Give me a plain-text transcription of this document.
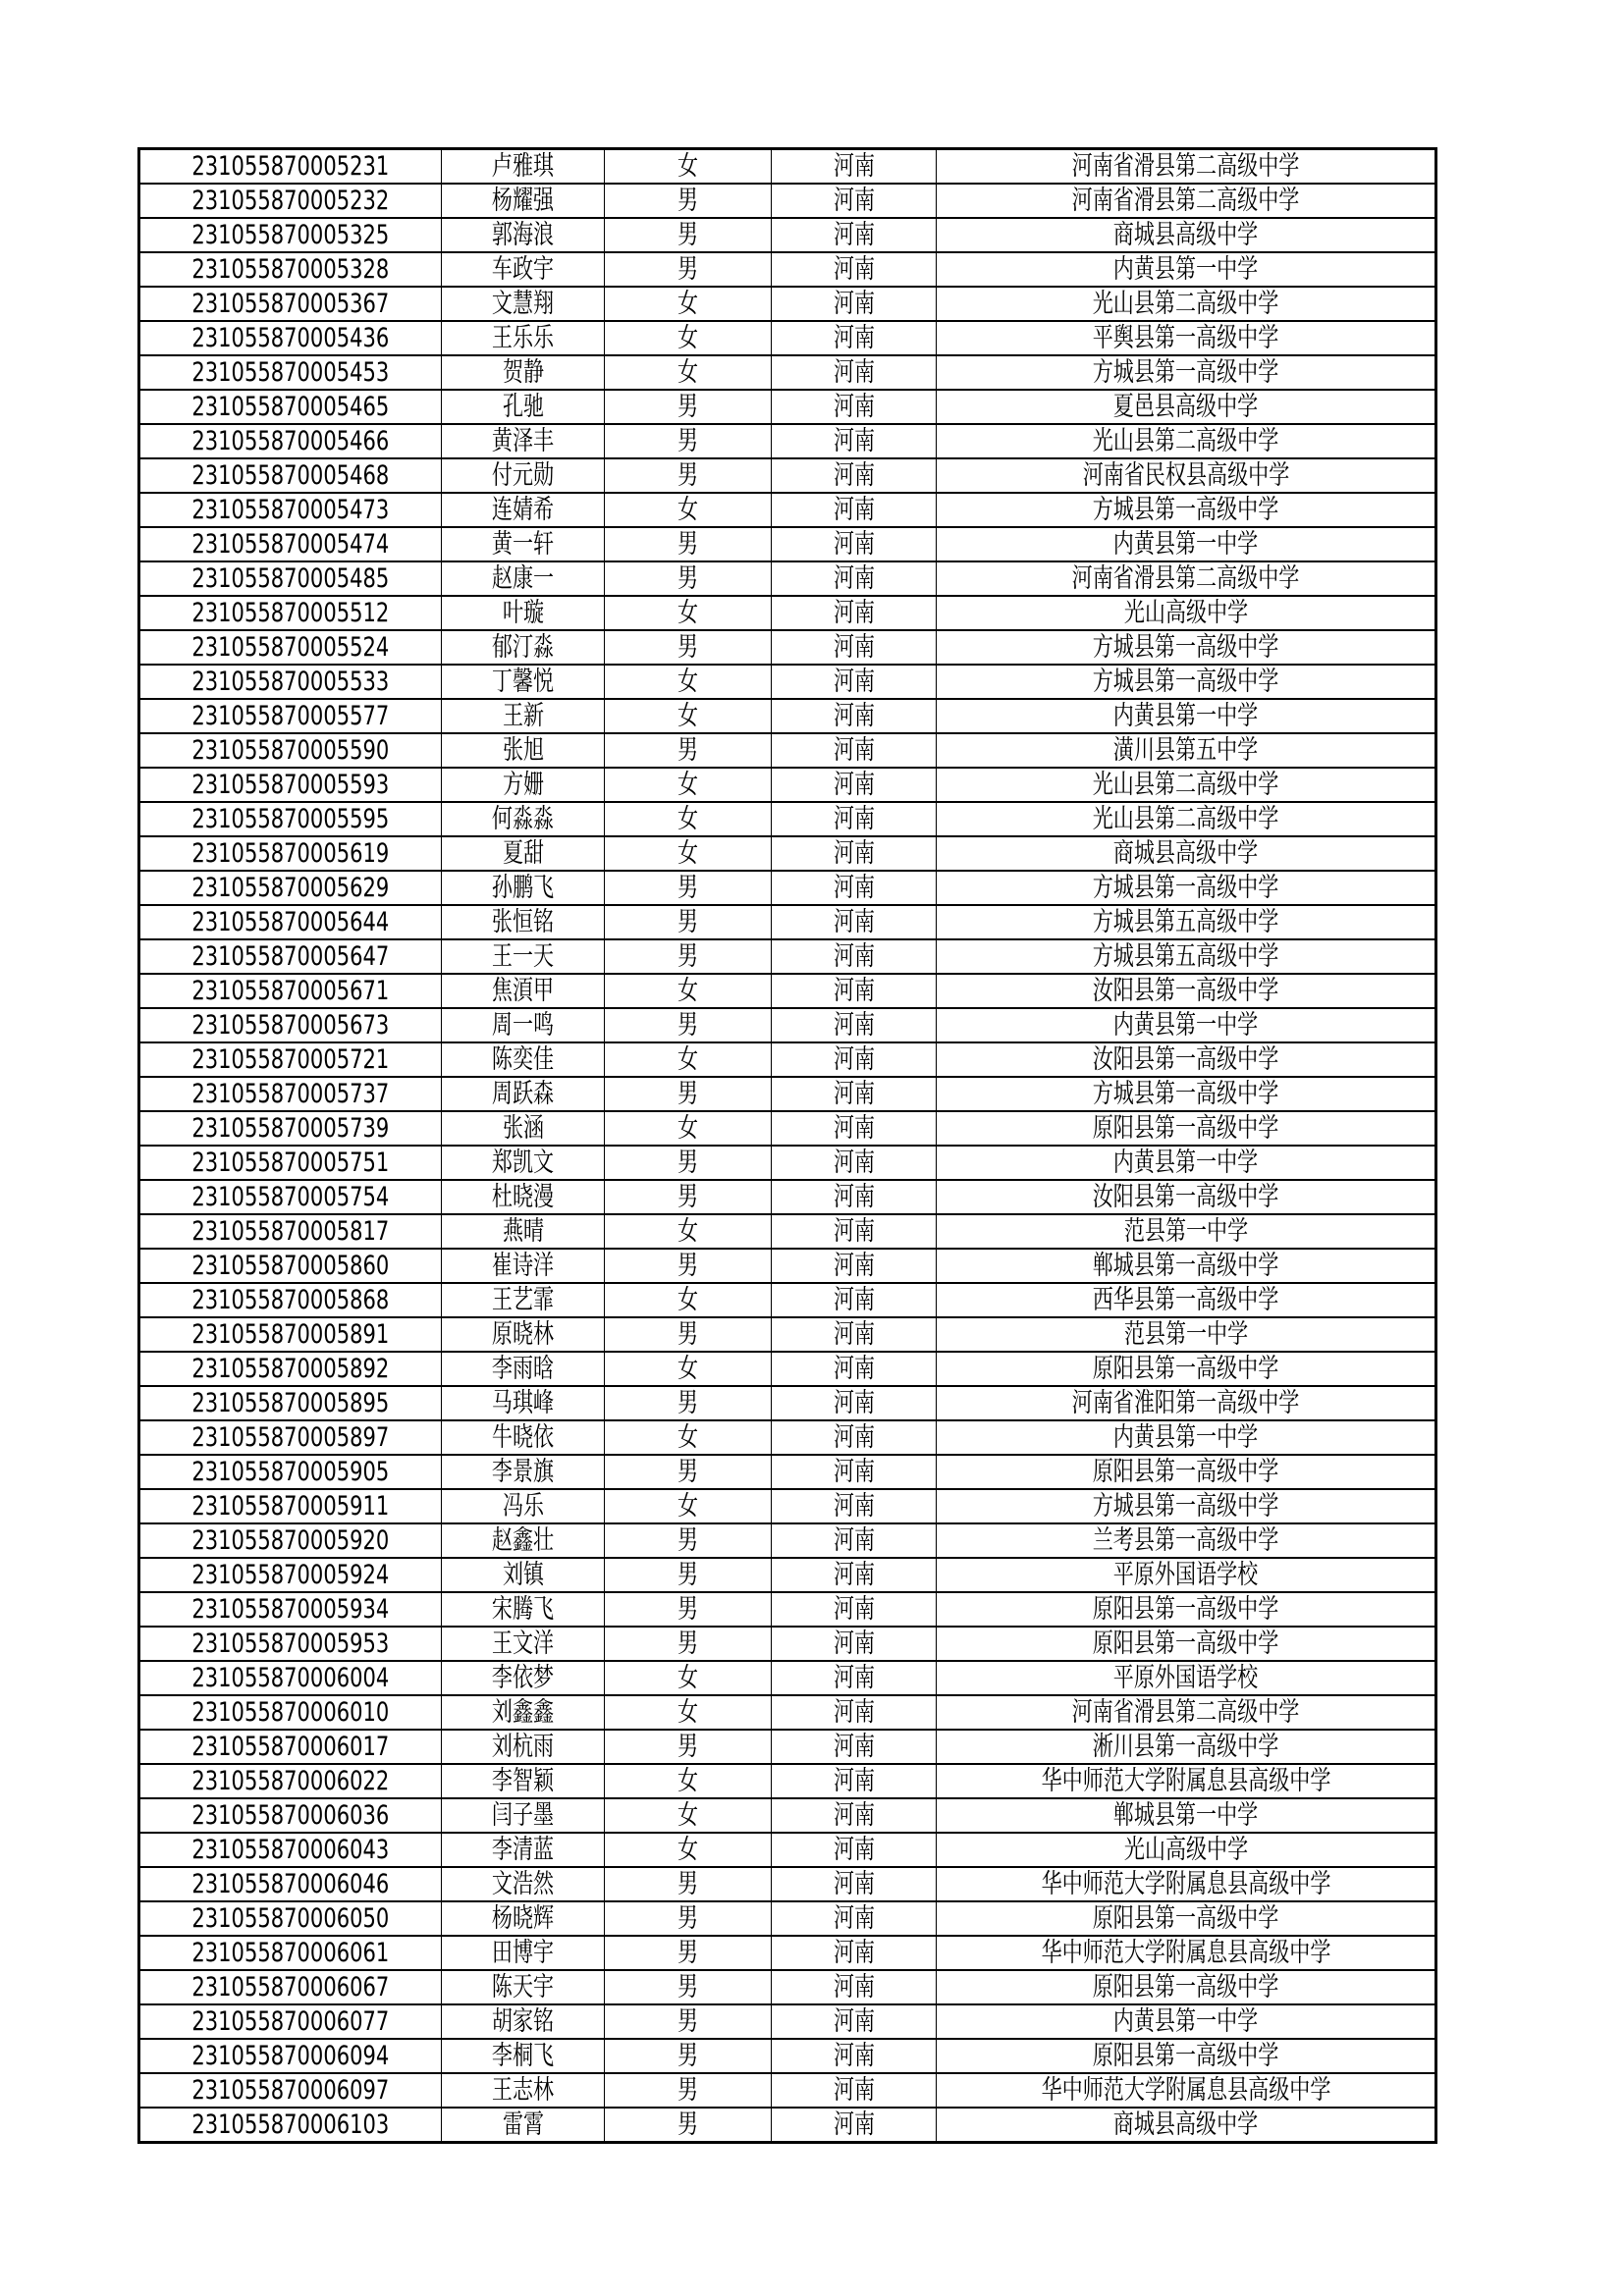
231055870005231	卢雅琪	女	河南	河南省滑县第二高级中学
231055870005232	杨耀强	男	河南	河南省滑县第二高级中学
231055870005325	郭海浪	男	河南	商城县高级中学
231055870005328	车政宇	男	河南	内黄县第一中学
231055870005367	文慧翔	女	河南	光山县第二高级中学
231055870005436	王乐乐	女	河南	平舆县第一高级中学
231055870005453	贺静	女	河南	方城县第一高级中学
231055870005465	孔驰	男	河南	夏邑县高级中学
231055870005466	黄泽丰	男	河南	光山县第二高级中学
231055870005468	付元勋	男	河南	河南省民权县高级中学
231055870005473	连婧希	女	河南	方城县第一高级中学
231055870005474	黄一轩	男	河南	内黄县第一中学
231055870005485	赵康一	男	河南	河南省滑县第二高级中学
231055870005512	叶璇	女	河南	光山高级中学
231055870005524	郁汀淼	男	河南	方城县第一高级中学
231055870005533	丁馨悦	女	河南	方城县第一高级中学
231055870005577	王新	女	河南	内黄县第一中学
231055870005590	张旭	男	河南	潢川县第五中学
231055870005593	方姗	女	河南	光山县第二高级中学
231055870005595	何淼淼	女	河南	光山县第二高级中学
231055870005619	夏甜	女	河南	商城县高级中学
231055870005629	孙鹏飞	男	河南	方城县第一高级中学
231055870005644	张恒铭	男	河南	方城县第五高级中学
231055870005647	王一天	男	河南	方城县第五高级中学
231055870005671	焦湏甲	女	河南	汝阳县第一高级中学
231055870005673	周一鸣	男	河南	内黄县第一中学
231055870005721	陈奕佳	女	河南	汝阳县第一高级中学
231055870005737	周跃森	男	河南	方城县第一高级中学
231055870005739	张涵	女	河南	原阳县第一高级中学
231055870005751	郑凯文	男	河南	内黄县第一中学
231055870005754	杜晓漫	男	河南	汝阳县第一高级中学
231055870005817	燕晴	女	河南	范县第一中学
231055870005860	崔诗洋	男	河南	郸城县第一高级中学
231055870005868	王艺霏	女	河南	西华县第一高级中学
231055870005891	原晓林	男	河南	范县第一中学
231055870005892	李雨晗	女	河南	原阳县第一高级中学
231055870005895	马琪峰	男	河南	河南省淮阳第一高级中学
231055870005897	牛晓依	女	河南	内黄县第一中学
231055870005905	李景旗	男	河南	原阳县第一高级中学
231055870005911	冯乐	女	河南	方城县第一高级中学
231055870005920	赵鑫壮	男	河南	兰考县第一高级中学
231055870005924	刘镇	男	河南	平原外国语学校
231055870005934	宋腾飞	男	河南	原阳县第一高级中学
231055870005953	王文洋	男	河南	原阳县第一高级中学
231055870006004	李依梦	女	河南	平原外国语学校
231055870006010	刘鑫鑫	女	河南	河南省滑县第二高级中学
231055870006017	刘杭雨	男	河南	淅川县第一高级中学
231055870006022	李智颖	女	河南	华中师范大学附属息县高级中学
231055870006036	闫子墨	女	河南	郸城县第一中学
231055870006043	李清蓝	女	河南	光山高级中学
231055870006046	文浩然	男	河南	华中师范大学附属息县高级中学
231055870006050	杨晓辉	男	河南	原阳县第一高级中学
231055870006061	田博宇	男	河南	华中师范大学附属息县高级中学
231055870006067	陈天宇	男	河南	原阳县第一高级中学
231055870006077	胡家铭	男	河南	内黄县第一中学
231055870006094	李桐飞	男	河南	原阳县第一高级中学
231055870006097	王志林	男	河南	华中师范大学附属息县高级中学
231055870006103	雷霄	男	河南	商城县高级中学
